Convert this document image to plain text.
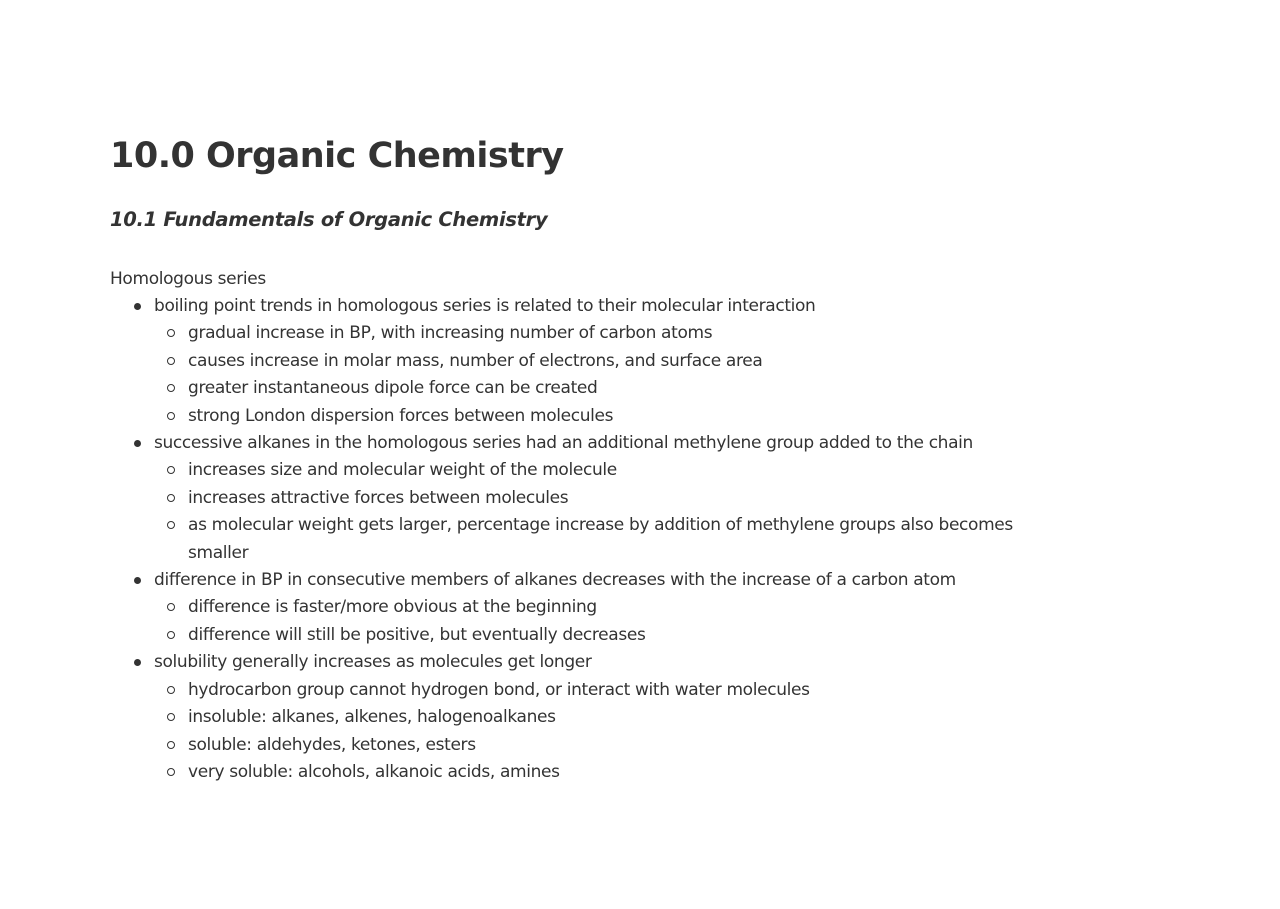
10.0 Organic Chemistry
10.1 Fundamentals of Organic Chemistry

Homologous series

boiling point trends in homologous series is related to their molecular interaction
gradual increase in BP, with increasing number of carbon atoms
causes increase in molar mass, number of electrons, and surface area
greater instantaneous dipole force can be created
strong London dispersion forces between molecules
successive alkanes in the homologous series had an additional methylene group added to the chain
increases size and molecular weight of the molecule
increases attractive forces between molecules
as molecular weight gets larger, percentage increase by addition of methylene groups also becomes smaller
difference in BP in consecutive members of alkanes decreases with the increase of a carbon atom
difference is faster/more obvious at the beginning
difference will still be positive, but eventually decreases
solubility generally increases as molecules get longer
hydrocarbon group cannot hydrogen bond, or interact with water molecules
insoluble: alkanes, alkenes, halogenoalkanes
soluble: aldehydes, ketones, esters
very soluble: alcohols, alkanoic acids, amines
